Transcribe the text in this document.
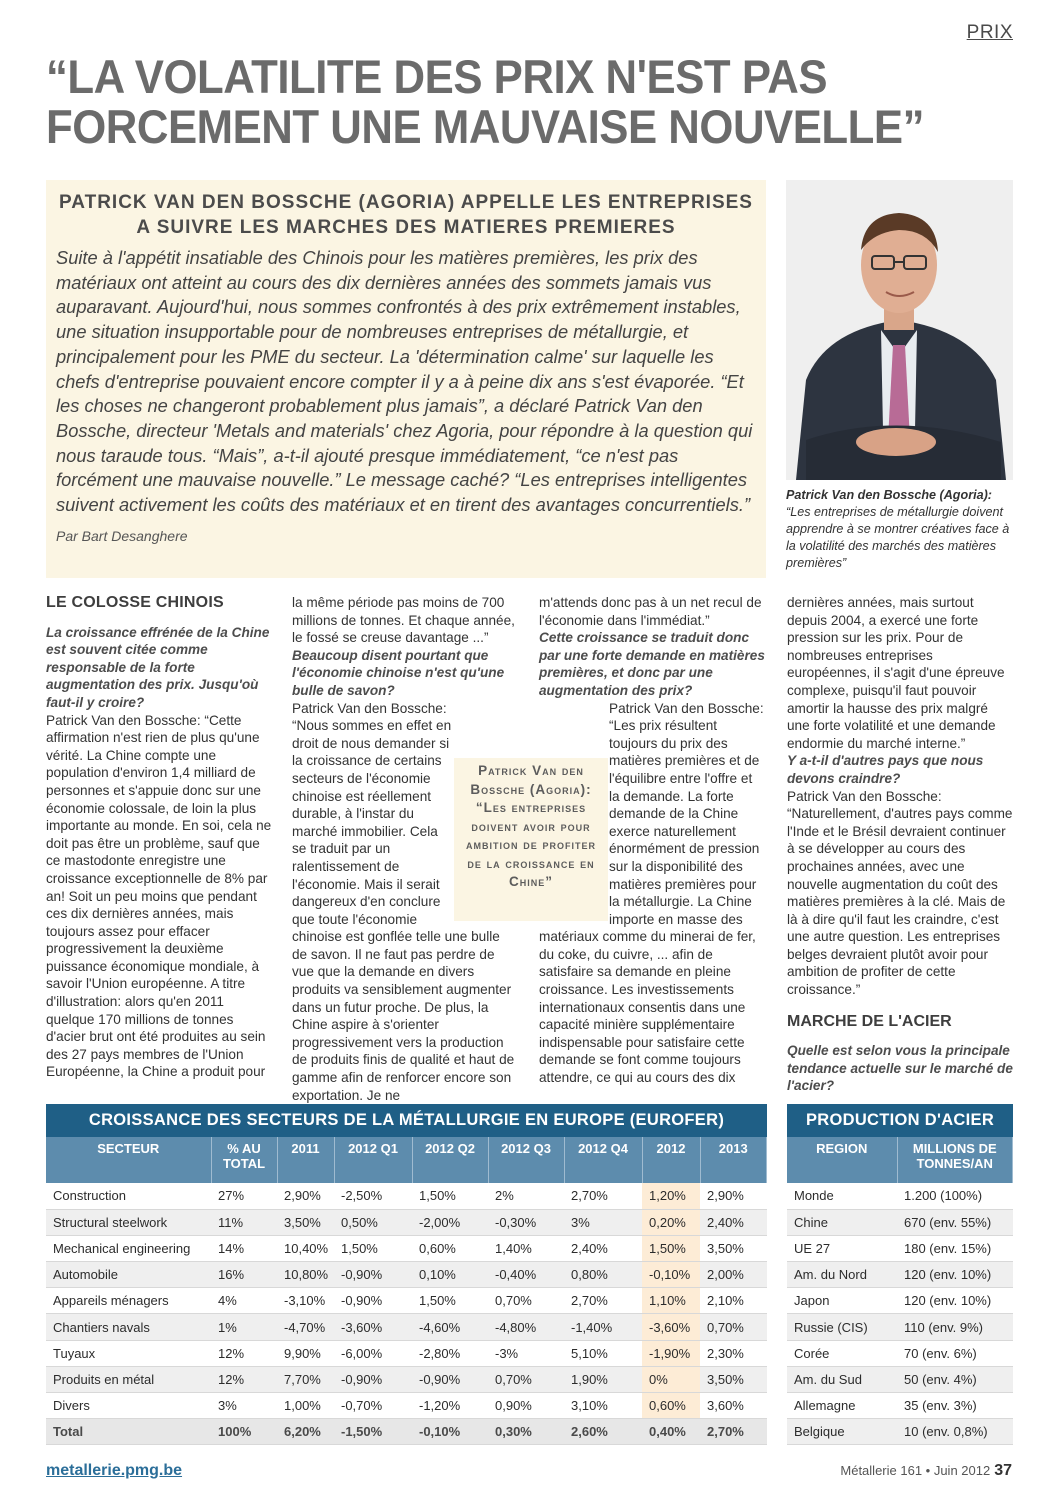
PRIX
“LA VOLATILITE DES PRIX N'EST PAS FORCEMENT UNE MAUVAISE NOUVELLE”
PATRICK VAN DEN BOSSCHE (AGORIA) APPELLE LES ENTREPRISES A SUIVRE LES MARCHES DES MATIERES PREMIERES
Suite à l'appétit insatiable des Chinois pour les matières premières, les prix des matériaux ont atteint au cours des dix dernières années des sommets jamais vus auparavant. Aujourd'hui, nous sommes confrontés à des prix extrêmement instables, une situation insupportable pour de nombreuses entreprises de métallurgie, et principalement pour les PME du secteur. La 'détermination calme' sur laquelle les chefs d'entreprise pouvaient encore compter il y a à peine dix ans s'est évaporée. “Et les choses ne changeront probablement plus jamais”, a déclaré Patrick Van den Bossche, directeur 'Metals and materials' chez Agoria, pour répondre à la question qui nous taraude tous. “Mais”, a-t-il ajouté presque immédiatement, “ce n'est pas forcément une mauvaise nouvelle.” Le message caché? “Les entreprises intelligentes suivent activement les coûts des matériaux et en tirent des avantages concurrentiels.”
Par Bart Desanghere
Patrick Van den Bossche (Agoria): “Les entreprises de métallurgie doivent apprendre à se montrer créatives face à la volatilité des marchés des matières premières”
LE COLOSSE CHINOIS

La croissance effrénée de la Chine est souvent citée comme responsable de la forte augmentation des prix. Jusqu'où faut-il y croire?

Patrick Van den Bossche: “Cette affirmation n'est rien de plus qu'une vérité. La Chine compte une population d'environ 1,4 milliard de personnes et s'appuie donc sur une économie colossale, de loin la plus importante au monde. En soi, cela ne doit pas être un problème, sauf que ce mastodonte enregistre une croissance exceptionnelle de 8% par an! Soit un peu moins que pendant ces dix dernières années, mais toujours assez pour effacer progressivement la deuxième puissance économique mondiale, à savoir l'Union européenne. A titre d'illustration: alors qu'en 2011 quelque 170 millions de tonnes d'acier brut ont été produites au sein des 27 pays membres de l'Union Européenne, la Chine a produit pour

la même période pas moins de 700 millions de tonnes. Et chaque année, le fossé se creuse davantage ...”

Beaucoup disent pourtant que l'économie chinoise n'est qu'une bulle de savon?

Patrick Van den Bossche: “Nous sommes en effet en droit de nous demander si la croissance de certains secteurs de l'économie chinoise est réellement durable, à l'instar du marché immobilier. Cela se traduit par un ralentissement de l'économie. Mais il serait dangereux d'en conclure que toute l'économie

chinoise est gonflée telle une bulle de savon. Il ne faut pas perdre de vue que la demande en divers produits va sensiblement augmenter dans un futur proche. De plus, la Chine aspire à s'orienter progressivement vers la production de produits finis de qualité et haut de gamme afin de renforcer encore son exportation. Je ne

m'attends donc pas à un net recul de l'économie dans l'immédiat.”

Cette croissance se traduit donc par une forte demande en matières premières, et donc par une augmentation des prix?

Patrick Van den Bossche: “Les prix résultent toujours du prix des matières premières et de l'équilibre entre l'offre et la demande. La forte demande de la Chine exerce naturellement énormément de pression sur la disponibilité des matières premières pour la métallurgie. La Chine importe en masse des

matériaux comme du minerai de fer, du coke, du cuivre, ... afin de satisfaire sa demande en pleine croissance. Les investissements internationaux consentis dans une capacité minière supplémentaire indispensable pour satisfaire cette demande se font comme toujours attendre, ce qui au cours des dix

dernières années, mais surtout depuis 2004, a exercé une forte pression sur les prix. Pour de nombreuses entreprises européennes, il s'agit d'une épreuve complexe, puisqu'il faut pouvoir amortir la hausse des prix malgré une forte volatilité et une demande endormie du marché interne.”

Y a-t-il d'autres pays que nous devons craindre?

Patrick Van den Bossche: “Naturellement, d'autres pays comme l'Inde et le Brésil devraient continuer à se développer au cours des prochaines années, avec une nouvelle augmentation du coût des matières premières à la clé. Mais de là à dire qu'il faut les craindre, c'est une autre question. Les entreprises belges devraient plutôt avoir pour ambition de profiter de cette croissance.”

MARCHE DE L'ACIER

Quelle est selon vous la principale tendance actuelle sur le marché de l'acier?

Patrick Van den Bossche (Agoria): “Les entreprises doivent avoir pour ambition de profiter de la croissance en Chine”
CROISSANCE DES SECTEURS DE LA MÉTALLURGIE EN EUROPE (EUROFER)
SECTEUR	% AU TOTAL	2011	2012 Q1	2012 Q2	2012 Q3	2012 Q4	2012	2013
Construction	27%	2,90%	-2,50%	1,50%	2%	2,70%	1,20%	2,90%
Structural steelwork	11%	3,50%	0,50%	-2,00%	-0,30%	3%	0,20%	2,40%
Mechanical engineering	14%	10,40%	1,50%	0,60%	1,40%	2,40%	1,50%	3,50%
Automobile	16%	10,80%	-0,90%	0,10%	-0,40%	0,80%	-0,10%	2,00%
Appareils ménagers	4%	-3,10%	-0,90%	1,50%	0,70%	2,70%	1,10%	2,10%
Chantiers navals	1%	-4,70%	-3,60%	-4,60%	-4,80%	-1,40%	-3,60%	0,70%
Tuyaux	12%	9,90%	-6,00%	-2,80%	-3%	5,10%	-1,90%	2,30%
Produits en métal	12%	7,70%	-0,90%	-0,90%	0,70%	1,90%	0%	3,50%
Divers	3%	1,00%	-0,70%	-1,20%	0,90%	3,10%	0,60%	3,60%
Total	100%	6,20%	-1,50%	-0,10%	0,30%	2,60%	0,40%	2,70%
PRODUCTION D'ACIER
REGION	MILLIONS DE TONNES/AN
Monde	1.200 (100%)
Chine	670 (env. 55%)
UE 27	180 (env. 15%)
Am. du Nord	120 (env. 10%)
Japon	120 (env. 10%)
Russie (CIS)	110 (env. 9%)
Corée	70 (env. 6%)
Am. du Sud	50 (env. 4%)
Allemagne	35 (env. 3%)
Belgique	10 (env. 0,8%)
metallerie.pmg.be	Métallerie 161 • Juin 2012 37
